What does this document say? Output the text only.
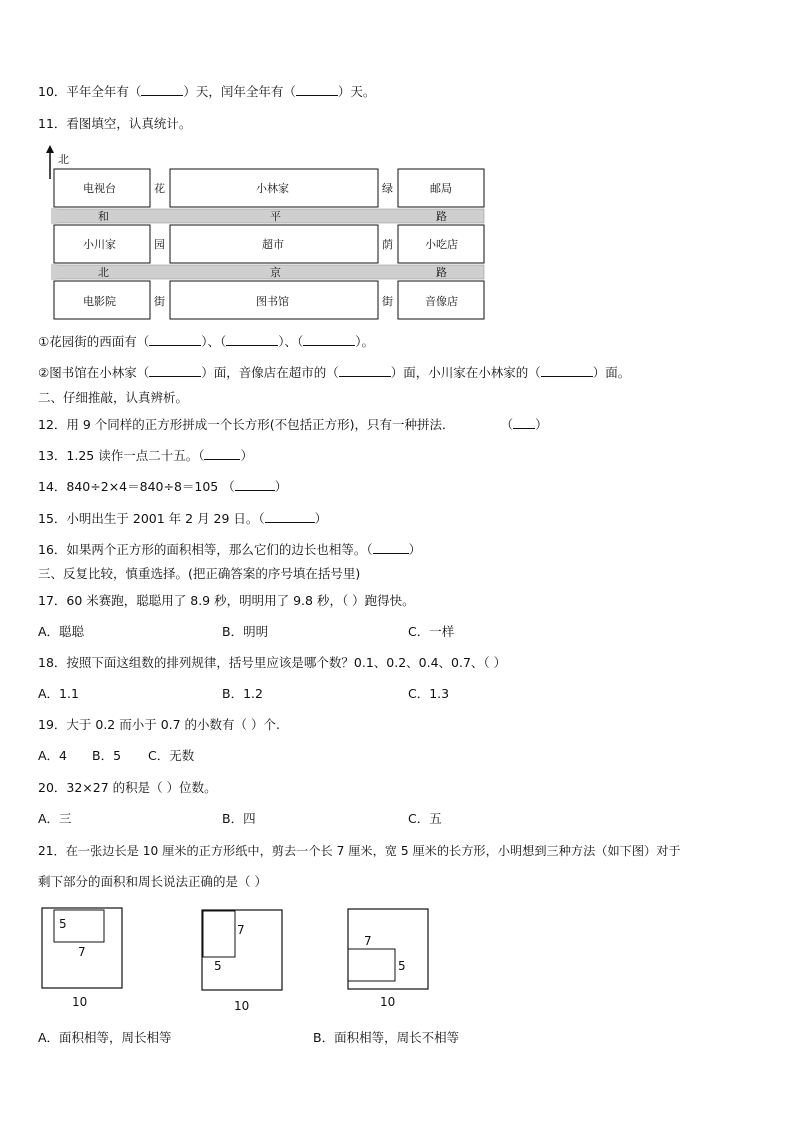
10．平年全年有（	）天，闰年全年有（	）天。
11．看图填空，认真统计。
北
电视台	小林家	邮局
小川家	超市	小吃店
电影院	图书馆	音像店
花
园
街
绿
荫
街
和	平	路
北	京	路
①花园街的西面有（	）、（	）、（	）。
②图书馆在小林家（	）面，音像店在超市的（	）面，小川家在小林家的（	）面。
二、仔细推敲，认真辨析。
12．用 9 个同样的正方形拼成一个长方形(不包括正方形)，只有一种拼法．	（ ）
13．1.25 读作一点二十五。（	）
14．840÷2×4＝840÷8＝105 （	）
15．小明出生于 2001 年 2 月 29 日。（	）
16．如果两个正方形的面积相等，那么它们的边长也相等。（	）
三、反复比较，慎重选择。(把正确答案的序号填在括号里)
17．60 米赛跑，聪聪用了 8.9 秒，明明用了 9.8 秒，（ ）跑得快。
A．聪聪	B．明明	C．一样
18．按照下面这组数的排列规律，括号里应该是哪个数？0.1、0.2、0.4、0.7、（ ）
A．1.1	B．1.2	C．1.3
19．大于 0.2 而小于 0.7 的小数有（ ）个.
A．4 B．5 C．无数
20．32×27 的积是（ ）位数。
A．三	B．四	C．五
21．在一张边长是 10 厘米的正方形纸中，剪去一个长 7 厘米，宽 5 厘米的长方形，小明想到三种方法（如下图）对于
剩下部分的面积和周长说法正确的是（ ）
5
7
10
7
5
10
7
5
10
A．面积相等，周长相等	B．面积相等，周长不相等
